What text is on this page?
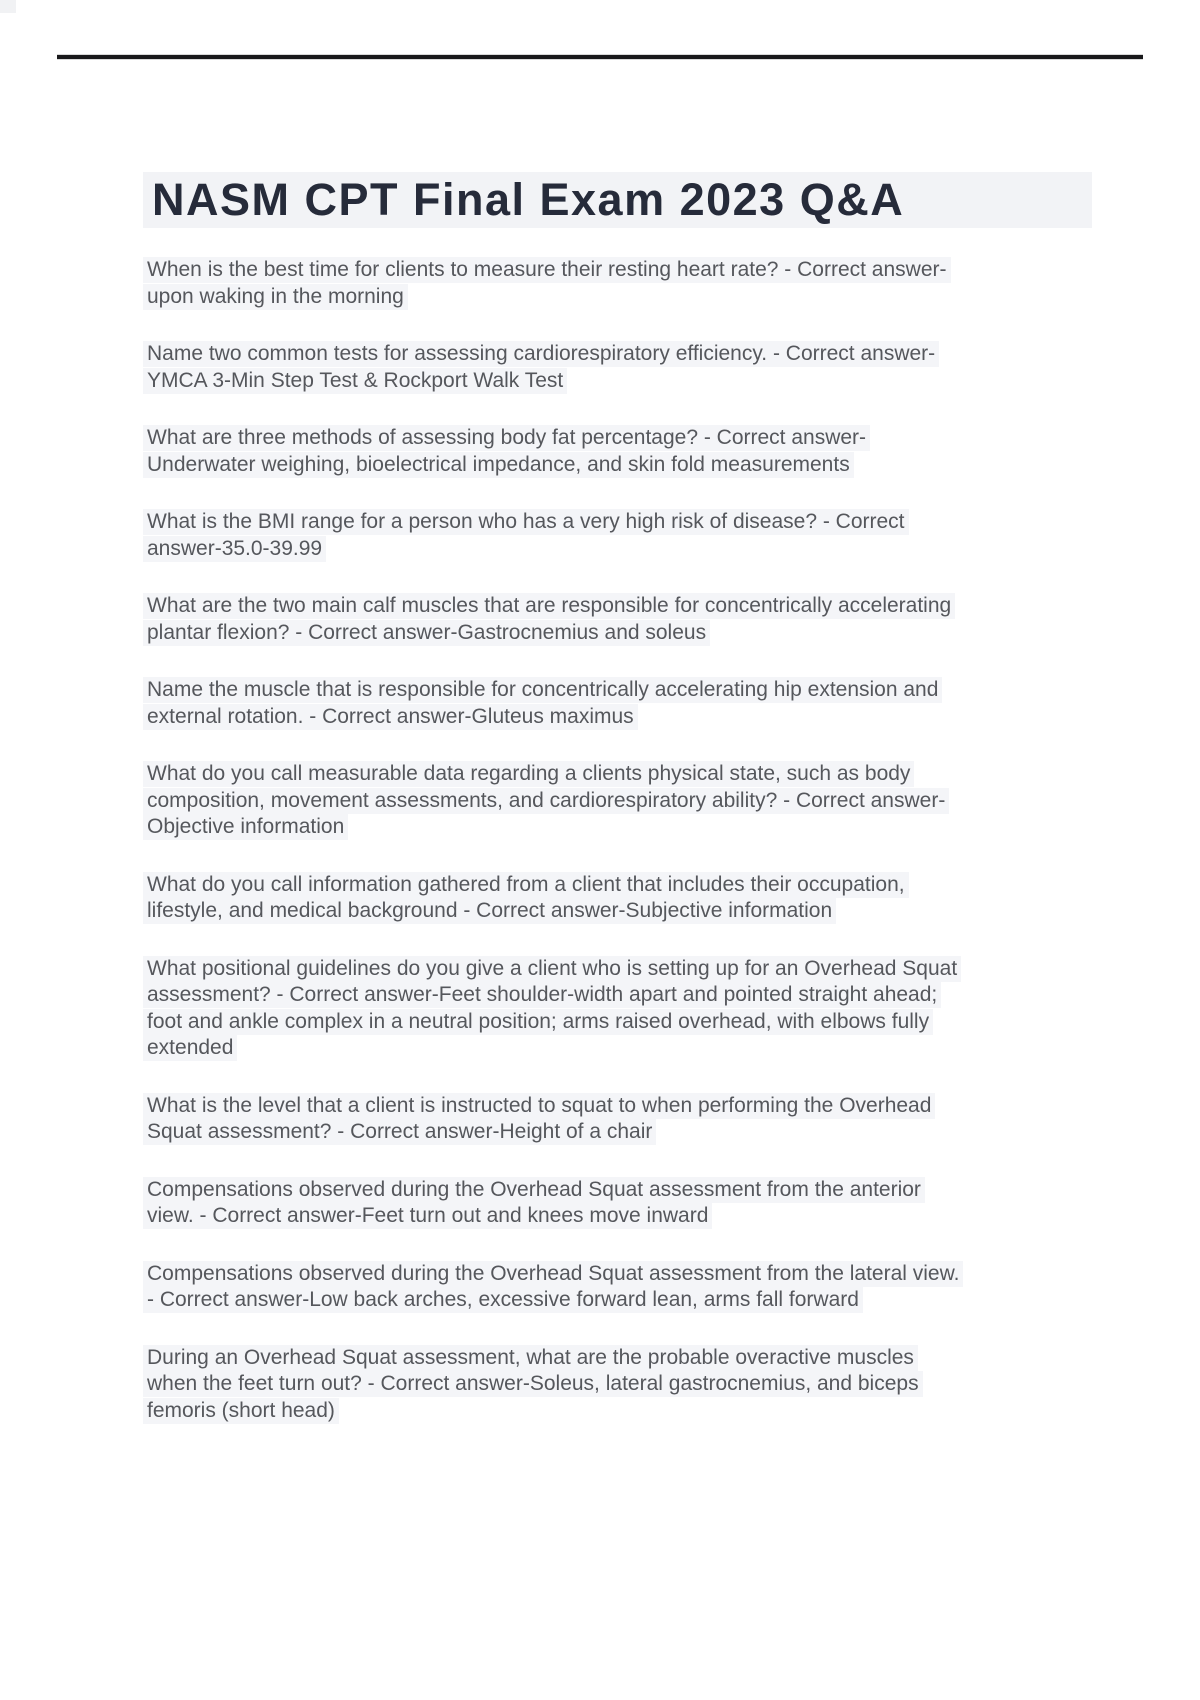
NASM CPT Final Exam 2023 Q&A
When is the best time for clients to measure their resting heart rate? - Correct answer-
upon waking in the morning
Name two common tests for assessing cardiorespiratory efficiency. - Correct answer-
YMCA 3-Min Step Test & Rockport Walk Test
What are three methods of assessing body fat percentage? - Correct answer-
Underwater weighing, bioelectrical impedance, and skin fold measurements
What is the BMI range for a person who has a very high risk of disease? - Correct
answer-35.0-39.99
What are the two main calf muscles that are responsible for concentrically accelerating
plantar flexion? - Correct answer-Gastrocnemius and soleus
Name the muscle that is responsible for concentrically accelerating hip extension and
external rotation. - Correct answer-Gluteus maximus
What do you call measurable data regarding a clients physical state, such as body
composition, movement assessments, and cardiorespiratory ability? - Correct answer-
Objective information
What do you call information gathered from a client that includes their occupation,
lifestyle, and medical background - Correct answer-Subjective information
What positional guidelines do you give a client who is setting up for an Overhead Squat
assessment? - Correct answer-Feet shoulder-width apart and pointed straight ahead;
foot and ankle complex in a neutral position; arms raised overhead, with elbows fully
extended
What is the level that a client is instructed to squat to when performing the Overhead
Squat assessment? - Correct answer-Height of a chair
Compensations observed during the Overhead Squat assessment from the anterior
view. - Correct answer-Feet turn out and knees move inward
Compensations observed during the Overhead Squat assessment from the lateral view.
- Correct answer-Low back arches, excessive forward lean, arms fall forward
During an Overhead Squat assessment, what are the probable overactive muscles
when the feet turn out? - Correct answer-Soleus, lateral gastrocnemius, and biceps
femoris (short head)
